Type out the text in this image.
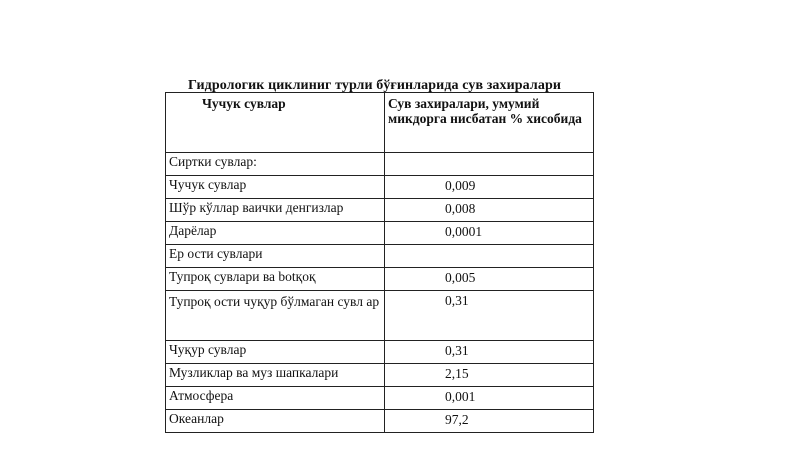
Гидрологик циклиниг турли бўғинларида сув захиралари
Чучук сувлар	Сув захиралари, умумий микдорга нисбатан % хисобида
Сиртки сувлар:	
Чучук сувлар	0,009
Шўр кўллар ваички денгизлар	0,008
Дарёлар	0,0001
Ер ости сувлари	
Тупроқ сувлари ва botқоқ	0,005
Тупроқ ости чуқур бўлмаган сувл ар	0,31
Чуқур сувлар	0,31
Музликлар ва муз шапкалари	2,15
Атмосфера	0,001
Океанлар	97,2
